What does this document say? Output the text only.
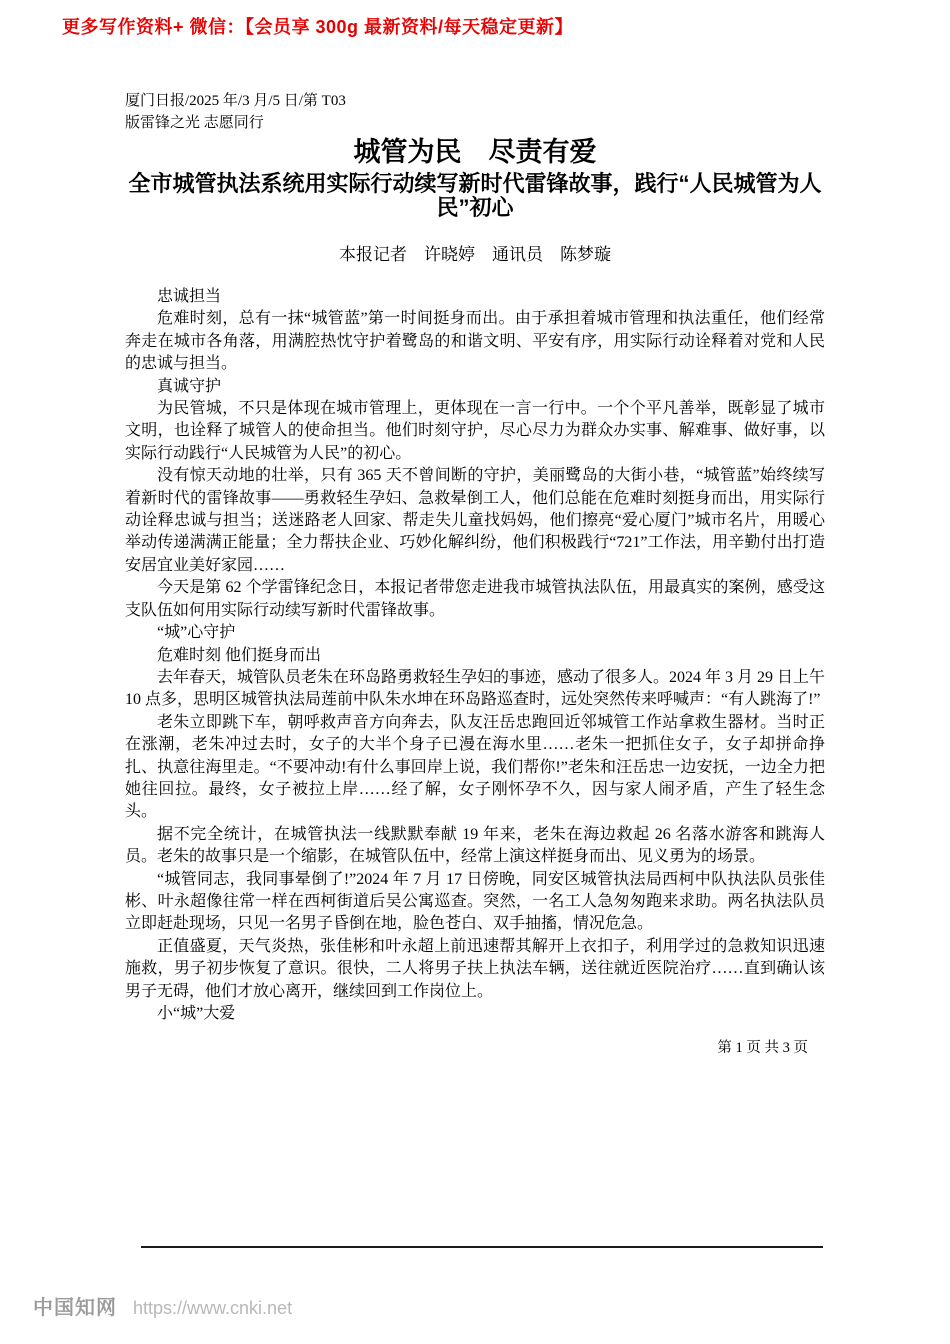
更多写作资料+ 微信：【会员享 300g 最新资料/每天稳定更新】
厦门日报/2025 年/3 月/5 日/第 T03
版雷锋之光 志愿同行
城管为民　尽责有爱
全市城管执法系统用实际行动续写新时代雷锋故事，践行“人民城管为人民”初心
本报记者　许晓婷　通讯员　陈梦璇

忠诚担当

危难时刻，总有一抹“城管蓝”第一时间挺身而出。由于承担着城市管理和执法重任，他们经常奔走在城市各角落，用满腔热忱守护着鹭岛的和谐文明、平安有序，用实际行动诠释着对党和人民的忠诚与担当。

真诚守护

为民管城，不只是体现在城市管理上，更体现在一言一行中。一个个平凡善举，既彰显了城市文明，也诠释了城管人的使命担当。他们时刻守护，尽心尽力为群众办实事、解难事、做好事，以实际行动践行“人民城管为人民”的初心。

没有惊天动地的壮举，只有 365 天不曾间断的守护，美丽鹭岛的大街小巷，“城管蓝”始终续写着新时代的雷锋故事——勇救轻生孕妇、急救晕倒工人，他们总能在危难时刻挺身而出，用实际行动诠释忠诚与担当；送迷路老人回家、帮走失儿童找妈妈，他们擦亮“爱心厦门”城市名片，用暖心举动传递满满正能量；全力帮扶企业、巧妙化解纠纷，他们积极践行“721”工作法，用辛勤付出打造安居宜业美好家园……

今天是第 62 个学雷锋纪念日，本报记者带您走进我市城管执法队伍，用最真实的案例，感受这支队伍如何用实际行动续写新时代雷锋故事。

“城”心守护

危难时刻 他们挺身而出

去年春天，城管队员老朱在环岛路勇救轻生孕妇的事迹，感动了很多人。2024 年 3 月 29 日上午 10 点多，思明区城管执法局莲前中队朱水坤在环岛路巡查时，远处突然传来呼喊声：“有人跳海了!”

老朱立即跳下车，朝呼救声音方向奔去，队友汪岳忠跑回近邻城管工作站拿救生器材。当时正在涨潮，老朱冲过去时，女子的大半个身子已漫在海水里……老朱一把抓住女子，女子却拼命挣扎、执意往海里走。“不要冲动!有什么事回岸上说，我们帮你!”老朱和汪岳忠一边安抚，一边全力把她往回拉。最终，女子被拉上岸……经了解，女子刚怀孕不久，因与家人闹矛盾，产生了轻生念头。

据不完全统计，在城管执法一线默默奉献 19 年来，老朱在海边救起 26 名落水游客和跳海人员。老朱的故事只是一个缩影，在城管队伍中，经常上演这样挺身而出、见义勇为的场景。

“城管同志，我同事晕倒了!”2024 年 7 月 17 日傍晚，同安区城管执法局西柯中队执法队员张佳彬、叶永超像往常一样在西柯街道后吴公寓巡查。突然，一名工人急匆匆跑来求助。两名执法队员立即赶赴现场，只见一名男子昏倒在地，脸色苍白、双手抽搐，情况危急。

正值盛夏，天气炎热，张佳彬和叶永超上前迅速帮其解开上衣扣子，利用学过的急救知识迅速施救，男子初步恢复了意识。很快，二人将男子扶上执法车辆，送往就近医院治疗……直到确认该男子无碍，他们才放心离开，继续回到工作岗位上。

小“城”大爱

第 1 页 共 3 页
中国知网 https://www.cnki.net
